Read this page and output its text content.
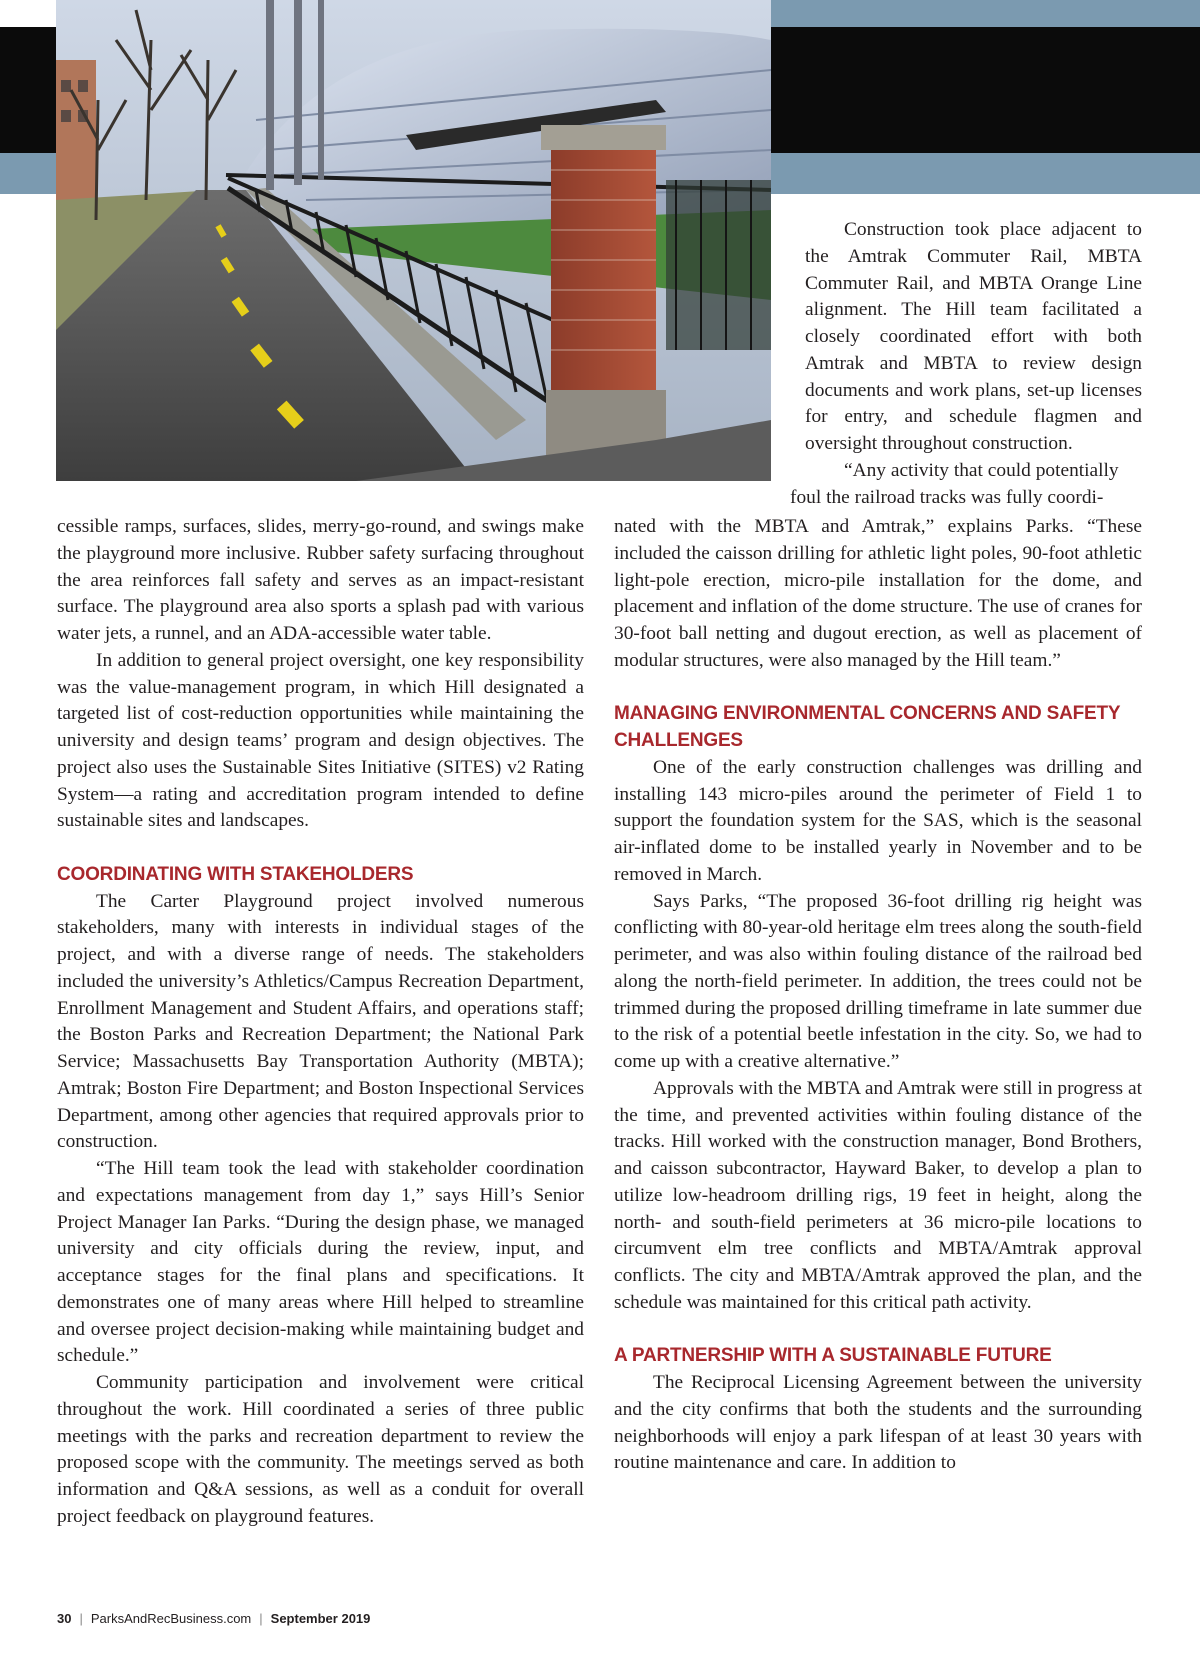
Construction took place adjacent to the Amtrak Commuter Rail, MBTA Commuter Rail, and MBTA Orange Line alignment. The Hill team facilitated a closely coordinated effort with both Amtrak and MBTA to review design documents and work plans, set-up licenses for entry, and schedule flagmen and oversight throughout construction.

“Any activity that could potentially

foul the railroad tracks was fully coordi-

cessible ramps, surfaces, slides, merry-go-round, and swings make the playground more inclusive. Rubber safety surfacing throughout the area reinforces fall safety and serves as an impact-resistant surface. The playground area also sports a splash pad with various water jets, a runnel, and an ADA-accessible water table.

In addition to general project oversight, one key responsibility was the value-management program, in which Hill designated a targeted list of cost-reduction opportunities while maintaining the university and design teams’ program and design objectives. The project also uses the Sustainable Sites Initiative (SITES) v2 Rating System—a rating and accreditation program intended to define sustainable sites and landscapes.

COORDINATING WITH STAKEHOLDERS

The Carter Playground project involved numerous stakeholders, many with interests in individual stages of the project, and with a diverse range of needs. The stakeholders included the university’s Athletics/Campus Recreation Department, Enrollment Management and Student Affairs, and operations staff; the Boston Parks and Recreation Department; the National Park Service; Massachusetts Bay Transportation Authority (MBTA); Amtrak; Boston Fire Department; and Boston Inspectional Services Department, among other agencies that required approvals prior to construction.

“The Hill team took the lead with stakeholder coordination and expectations management from day 1,” says Hill’s Senior Project Manager Ian Parks. “During the design phase, we managed university and city officials during the review, input, and acceptance stages for the final plans and specifications. It demonstrates one of many areas where Hill helped to streamline and oversee project decision-making while maintaining budget and schedule.”

Community participation and involvement were critical throughout the work. Hill coordinated a series of three public meetings with the parks and recreation department to review the proposed scope with the community. The meetings served as both information and Q&A sessions, as well as a conduit for overall project feedback on playground features.

nated with the MBTA and Amtrak,” explains Parks. “These included the caisson drilling for athletic light poles, 90-foot athletic light-pole erection, micro-pile installation for the dome, and placement and inflation of the dome structure. The use of cranes for 30-foot ball netting and dugout erection, as well as placement of modular structures, were also managed by the Hill team.”

MANAGING ENVIRONMENTAL CONCERNS AND SAFETY CHALLENGES

One of the early construction challenges was drilling and installing 143 micro-piles around the perimeter of Field 1 to support the foundation system for the SAS, which is the seasonal air-inflated dome to be installed yearly in November and to be removed in March.

Says Parks, “The proposed 36-foot drilling rig height was conflicting with 80-year-old heritage elm trees along the south-field perimeter, and was also within fouling distance of the railroad bed along the north-field perimeter. In addition, the trees could not be trimmed during the proposed drilling timeframe in late summer due to the risk of a potential beetle infestation in the city. So, we had to come up with a creative alternative.”

Approvals with the MBTA and Amtrak were still in progress at the time, and prevented activities within fouling distance of the tracks. Hill worked with the construction manager, Bond Brothers, and caisson subcontractor, Hayward Baker, to develop a plan to utilize low-headroom drilling rigs, 19 feet in height, along the north- and south-field perimeters at 36 micro-pile locations to circumvent elm tree conflicts and MBTA/Amtrak approval conflicts. The city and MBTA/Amtrak approved the plan, and the schedule was maintained for this critical path activity.

A PARTNERSHIP WITH A SUSTAINABLE FUTURE

The Reciprocal Licensing Agreement between the university and the city confirms that both the students and the surrounding neighborhoods will enjoy a park lifespan of at least 30 years with routine maintenance and care. In addition to

30 | ParksAndRecBusiness.com | September 2019
